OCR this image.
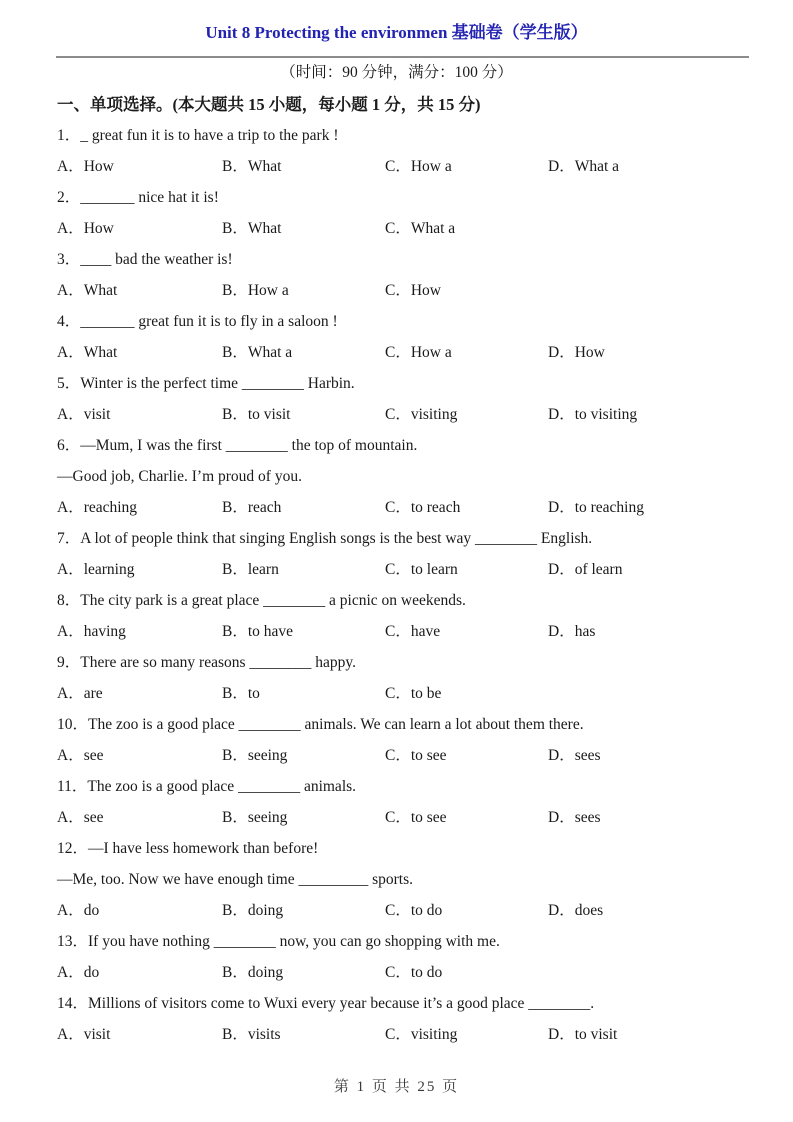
Unit 8 Protecting the environmen 基础卷（学生版）
（时间：90 分钟，满分：100 分）
一、单项选择。(本大题共 15 小题，每小题 1 分，共 15 分)

1．_ great fun it is to have a trip to the park !

A．How	B．What	C．How a	D．What a

2．_______ nice hat it is!

A．How	B．What	C．What a

3．____ bad the weather is!

A．What	B．How a	C．How

4．_______ great fun it is to fly in a saloon !

A．What	B．What a	C．How a	D．How

5．Winter is the perfect time ________ Harbin.

A．visit	B．to visit	C．visiting	D．to visiting

6．—Mum, I was the first ________ the top of mountain.

—Good job, Charlie. I’m proud of you.

A．reaching	B．reach	C．to reach	D．to reaching

7．A lot of people think that singing English songs is the best way ________ English.

A．learning	B．learn	C．to learn	D．of learn

8．The city park is a great place ________ a picnic on weekends.

A．having	B．to have	C．have	D．has

9．There are so many reasons ________ happy.

A．are	B．to	C．to be

10．The zoo is a good place ________ animals. We can learn a lot about them there.

A．see	B．seeing	C．to see	D．sees

11．The zoo is a good place ________ animals.

A．see	B．seeing	C．to see	D．sees

12．—I have less homework than before!

—Me, too. Now we have enough time _________ sports.

A．do	B．doing	C．to do	D．does

13．If you have nothing ________ now, you can go shopping with me.

A．do	B．doing	C．to do

14．Millions of visitors come to Wuxi every year because it’s a good place ________.

A．visit	B．visits	C．visiting	D．to visit
第 1 页 共 25 页
